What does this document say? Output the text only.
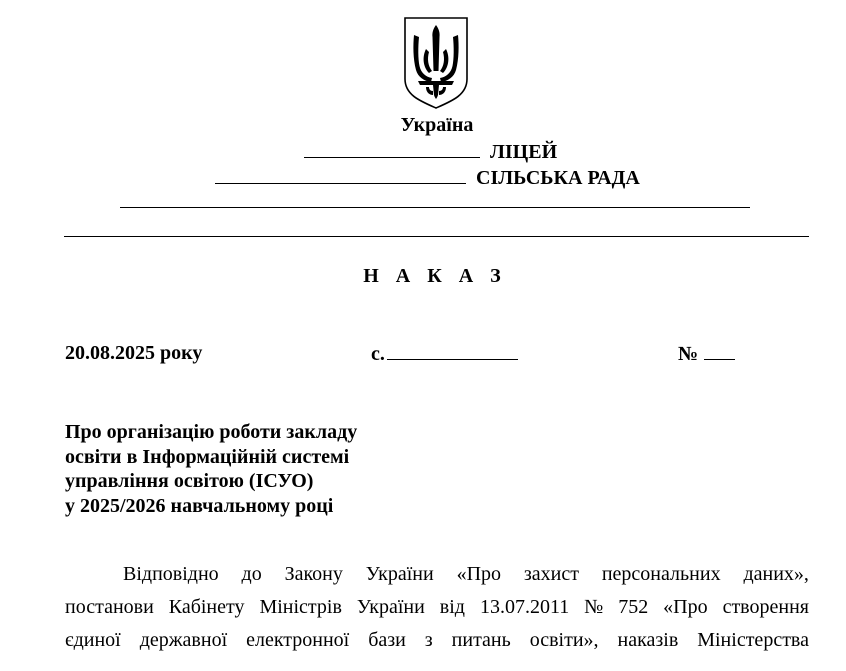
Україна
ЛІЦЕЙ
СІЛЬСЬКА РАДА
Н А К А З
20.08.2025 року	с.	№
Про організацію роботи закладу
освіти в Інформаційній системі
управління освітою (ІСУО)
у 2025/2026 навчальному році
Відповідно до Закону України «Про захист персональних даних»,
постанови Кабінету Міністрів України від 13.07.2011 № 752 «Про створення
єдиної державної електронної бази з питань освіти», наказів Міністерства
